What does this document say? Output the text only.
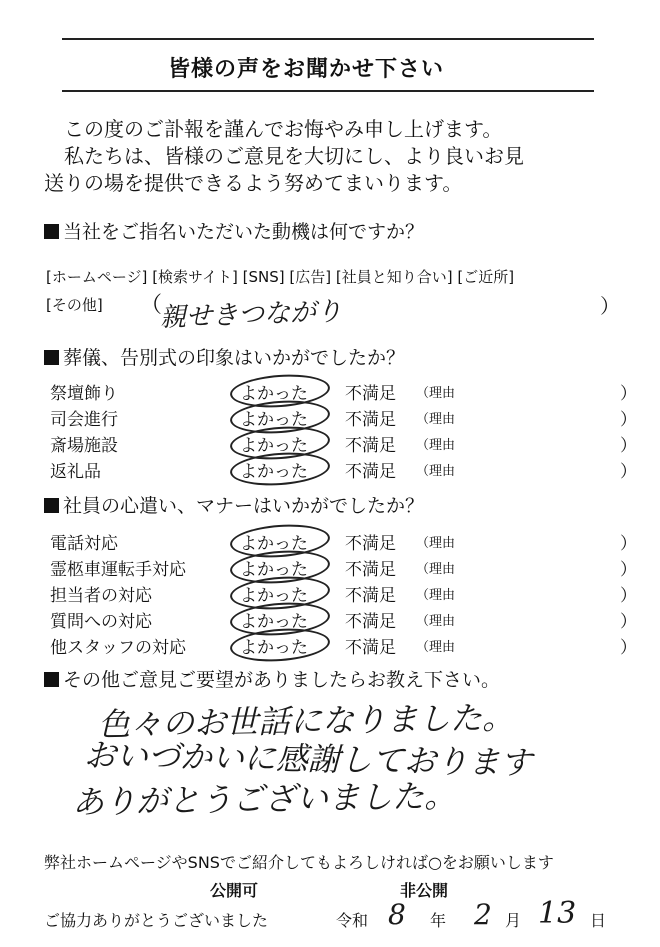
皆様の声をお聞かせ下さい
この度のご訃報を謹んでお悔やみ申し上げます。
私たちは、皆様のご意見を大切にし、より良いお見
送りの場を提供できるよう努めてまいります。
当社をご指名いただいた動機は何ですか？
[ホームページ] [検索サイト] [SNS] [広告] [社員と知り合い] [ご近所]
[その他] （
親せきつながり	）
葬儀、告別式の印象はいかがでしたか？
祭壇飾り	よかった 不満足 （理由	）
司会進行	よかった 不満足 （理由	）
斎場施設	よかった 不満足 （理由	）
返礼品	よかった 不満足 （理由	）
社員の心遣い、マナーはいかがでしたか？
電話対応	よかった 不満足 （理由	）
霊柩車運転手対応	よかった 不満足 （理由	）
担当者の対応	よかった 不満足 （理由	）
質問への対応	よかった 不満足 （理由	）
他スタッフの対応	よかった 不満足 （理由	）
その他ご意見ご要望がありましたらお教え下さい。
色々のお世話になりました。
おいづかいに感謝しております
ありがとうございました。
弊社ホームページやSNSでご紹介してもよろしければ○をお願いします
公開可	非公開
ご協力ありがとうございました	令和 8 年 2 月 13 日
